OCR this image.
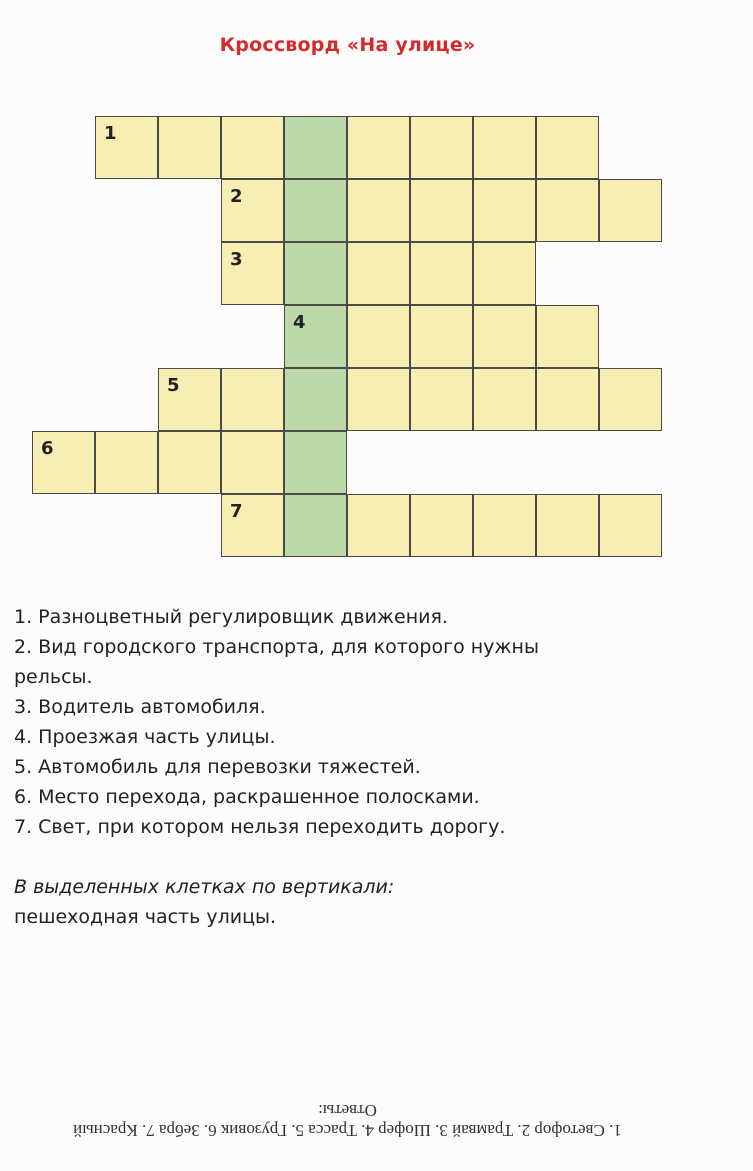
Кроссворд «На улице»
1
2
3
4
5
6
7

1. Разноцветный регулировщик движения.

2. Вид городского транспорта, для которого нужны рельсы.

3. Водитель автомобиля.

4. Проезжая часть улицы.

5. Автомобиль для перевозки тяжестей.

6. Место перехода, раскрашенное полосками.

7. Свет, при котором нельзя переходить дорогу.

В выделенных клетках по вертикали:
пешеходная часть улицы.
1. Светофор 2. Трамвай 3. Шофер 4. Трасса 5. Грузовик 6. Зебра 7. Красный
Ответы:
